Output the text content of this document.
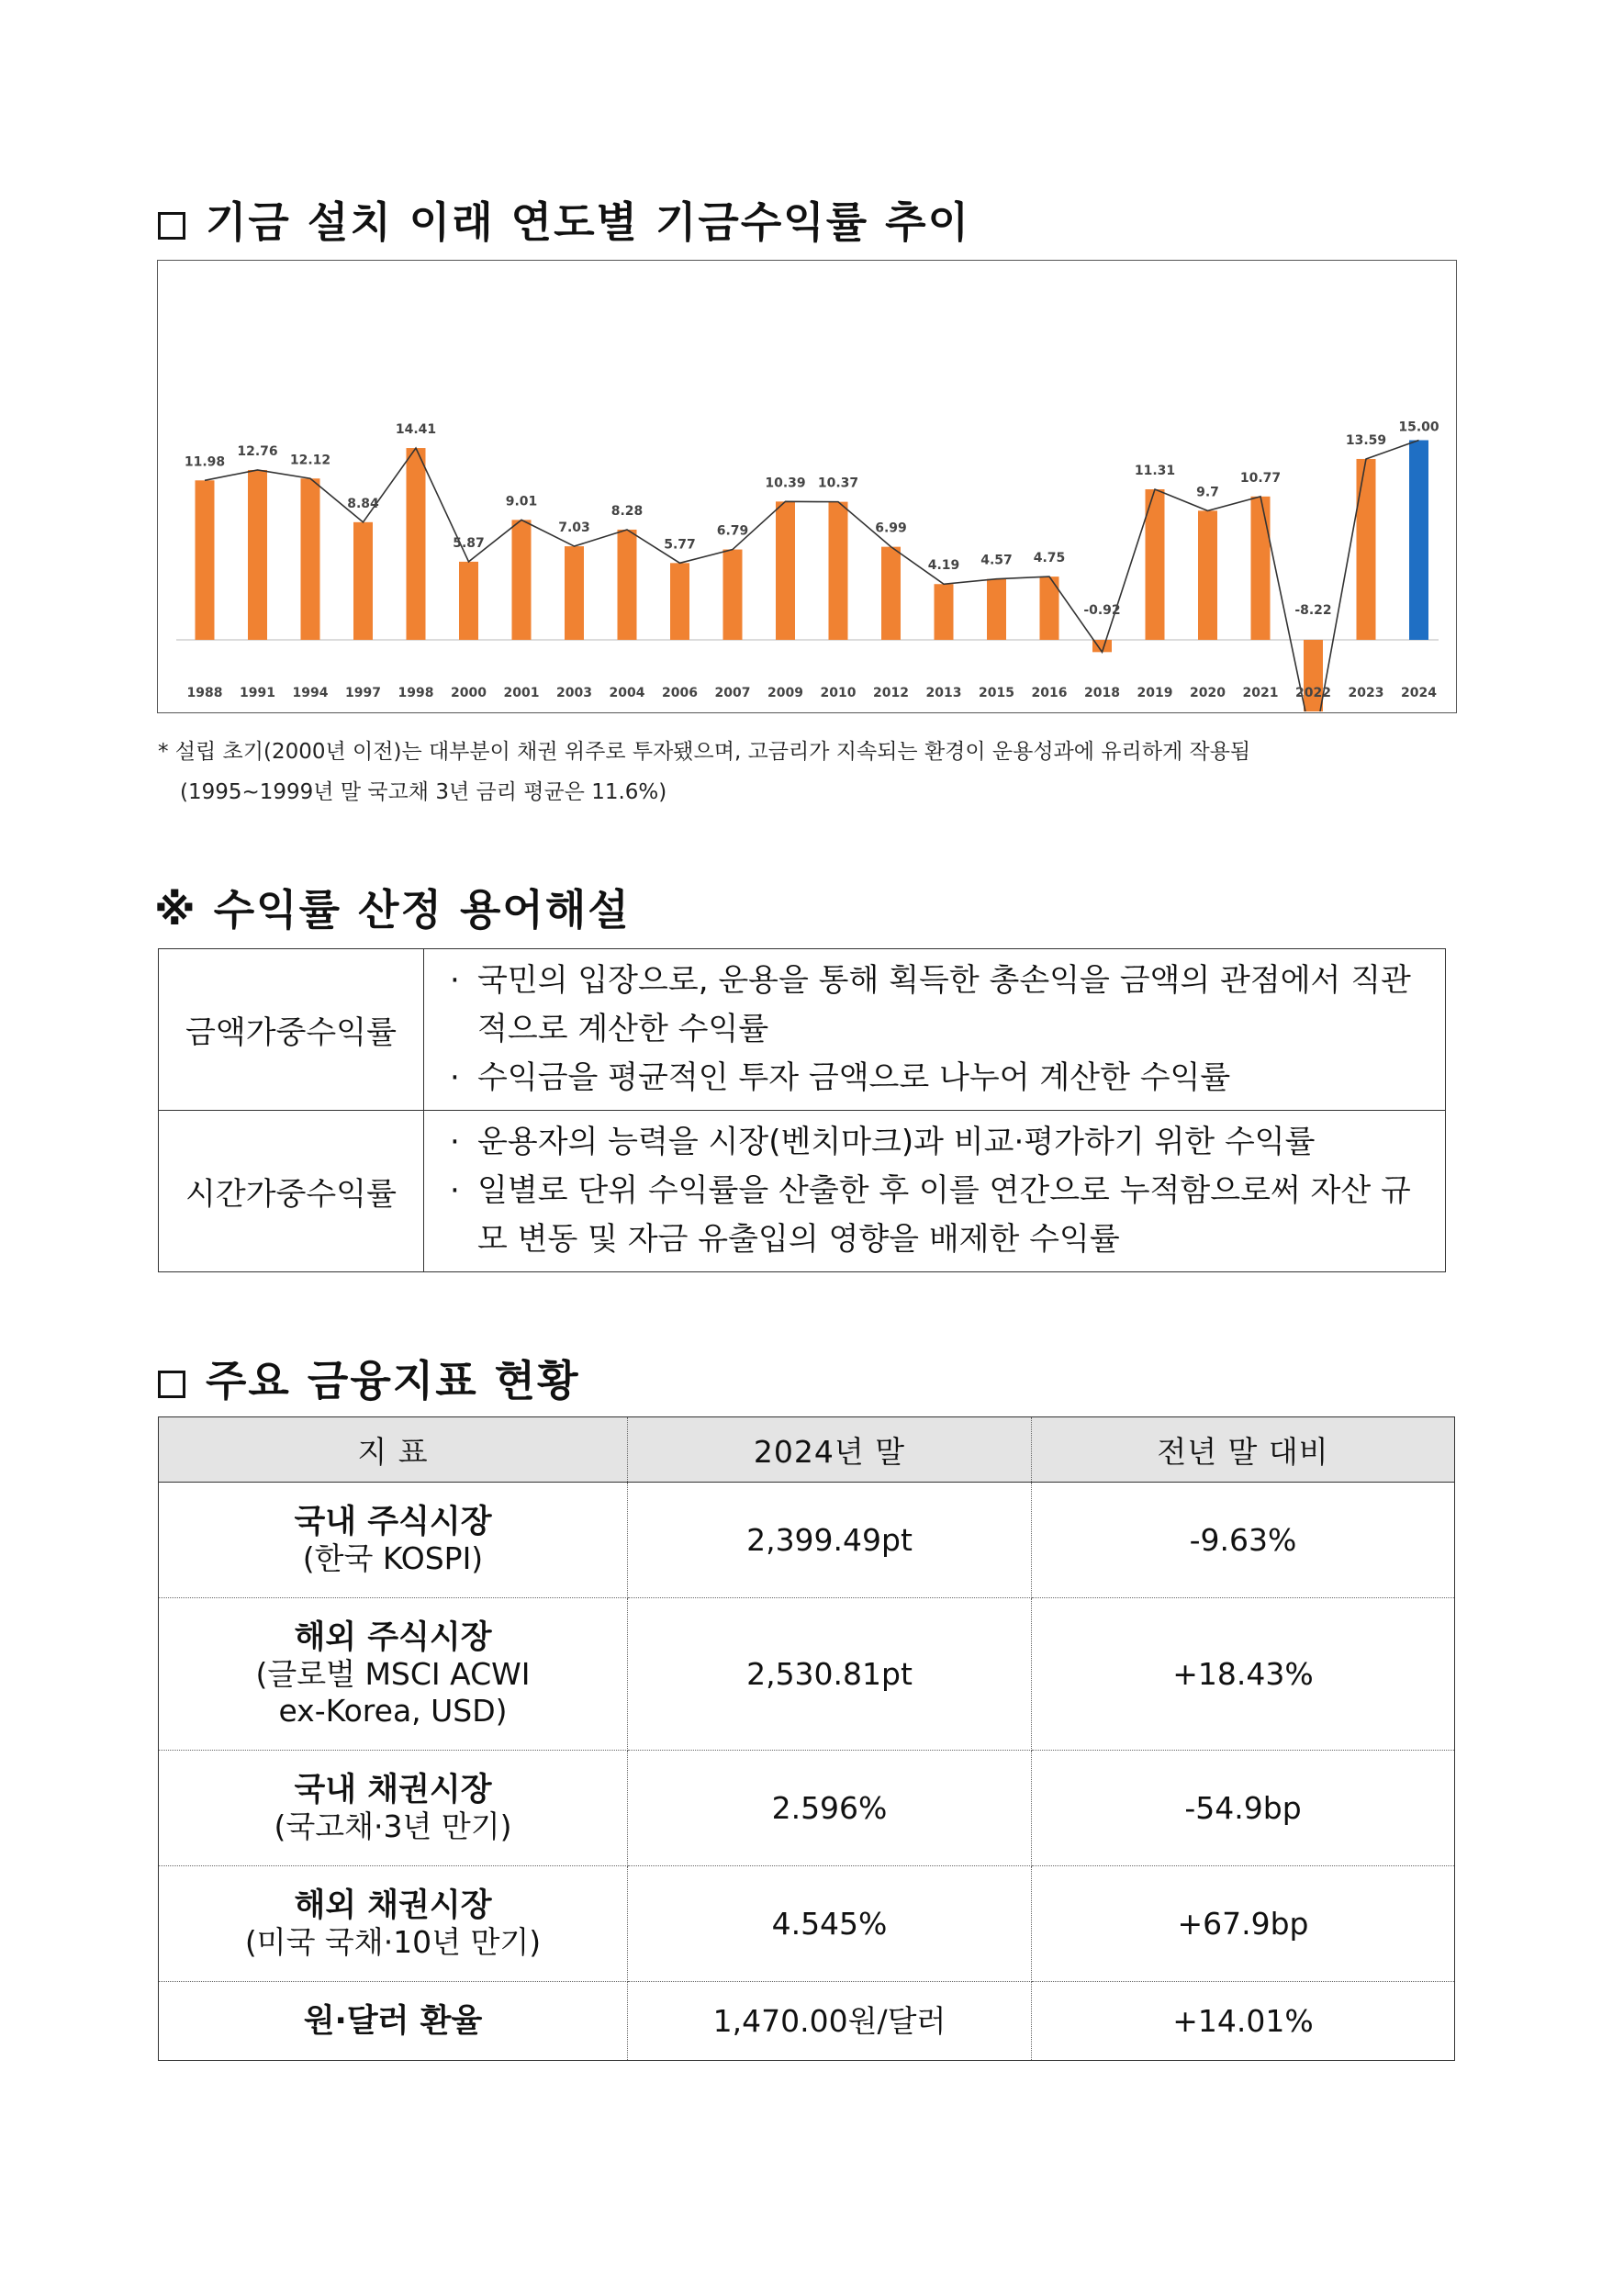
기금 설치 이래 연도별 기금수익률 추이
11.98
1988
12.76
1991
12.12
1994
8.84
1997
14.41
1998
5.87
2000
9.01
2001
7.03
2003
8.28
2004
5.77
2006
6.79
2007
10.39
2009
10.37
2010
6.99
2012
4.19
2013
4.57
2015
4.75
2016
-0.92
2018
11.31
2019
9.7
2020
10.77
2021
-8.22
2022
13.59
2023
15.00
2024
* 설립 초기(2000년 이전)는 대부분이 채권 위주로 투자됐으며, 고금리가 지속되는 환경이 운용성과에 유리하게 작용됨
(1995~1999년 말 국고채 3년 금리 평균은 11.6%)
※ 수익률 산정 용어해설
금액가중수익률	· 국민의 입장으로, 운용을 통해 획득한 총손익을 금액의 관점에서 직관적으로 계산한 수익률
· 수익금을 평균적인 투자 금액으로 나누어 계산한 수익률

시간가중수익률	· 운용자의 능력을 시장(벤치마크)과 비교·평가하기 위한 수익률
· 일별로 단위 수익률을 산출한 후 이를 연간으로 누적함으로써 자산 규모 변동 및 자금 유출입의 영향을 배제한 수익률
주요 금융지표 현황
지 표	2024년 말	전년 말 대비

국내 주식시장
(한국 KOSPI)	2,399.49pt	-9.63%

해외 주식시장
(글로벌 MSCI ACWI ex-Korea, USD)	2,530.81pt	+18.43%

국내 채권시장
(국고채·3년 만기)	2.596%	-54.9bp

해외 채권시장
(미국 국채·10년 만기)	4.545%	+67.9bp

원·달러 환율	1,470.00원/달러	+14.01%
